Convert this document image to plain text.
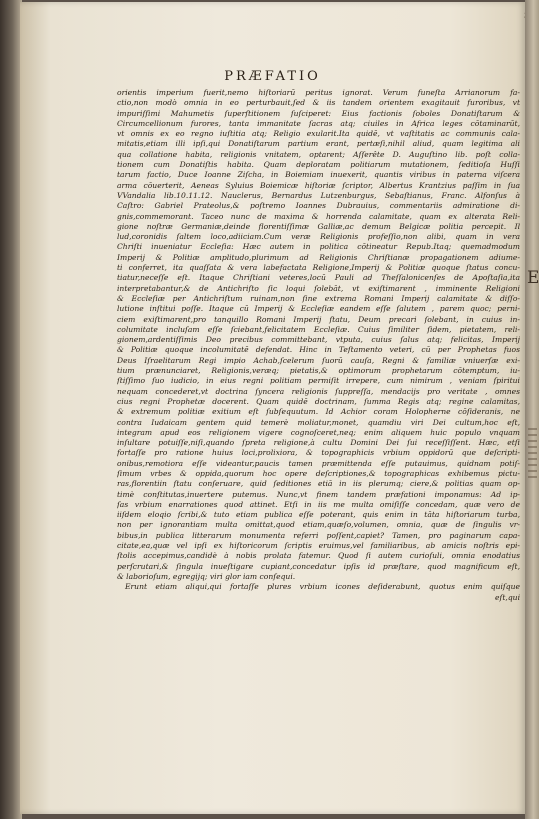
PRÆFATIO
orientis imperium fuerit,nemo hiſtoriarū peritus ignorat. Verum funeſta Arrianorum fa-
ctio,non modò omnia in eo perturbauit,ſed & iis tandem orientem exagitauit furoribus, vt
impuriſſimi Mahumetis ſuperſtitionem ſuſciperet: Eius factionis ſoboles Donatiſtarum &
Circumcellionum furores, tanta immanitate ſacras atq; ciuiles in Africa leges cōtaminarūt,
vt omnis ex eo regno iuſtitia atq; Religio exularit.Ita quidē, vt vaſtitatis ac communis cala-
mitatis,etiam illi ipſi,qui Donatiſtarum partium erant, pertæſi,nihil aliud, quam legitima ali
qua collatione habita, religionis vnitatem, optarent; Aſſerête D. Auguſtino lib. poſt colla-
tionem cum Donatiſtis habita. Quam deploratam politiarum mutationem, ſeditioſa Huſſi
tarum factio, Duce Ioanne Ziſcha, in Boiemiam inuexerit, quantis viribus in paterna viſcera
arma cōuerterit, Aeneas Syluius Boiemicæ hiſtoriæ ſcriptor, Albertus Krantzius paſſim in ſua
VVandalia lib.10.11.12. Nauclerus, Bernardus Lutzenburgus, Sebaſtianus, Franc. Alfonſus à
Caſtro: Gabriel Prateolus,& poſtremo Ioannes Dubrauius, commentariis admiratione di-
gnis,commemorant. Taceo nunc de maxima & horrenda calamitate, quam ex alterata Reli-
gione noſtræ Germaniæ,deinde florentiſſimæ Galliæ,ac demum Belgicæ politia percepit. Il
lud,coronidis ſaltem loco,adiiciam.Cum veræ Religionis profeſſio,non alibi, quam in vera
Chriſti inueniatur Eccleſia: Hæc autem in politica cōtineatur Repub.Itaq; quemadmodum
Imperij & Politiæ amplitudo,plurimum ad Religionis Chriſtianæ propagationem adiume-
ti conferret, ita quaſſata & vera labefactata Religione,Imperij & Politiæ quoque ſtatus concu-
tiatur,neceſſe eſt. Itaque Chriſtiani veteres,locū Pauli ad Theſſalonicenſes de Apoſtaſia,ita
interpretabantur,& de Antichriſto ſic loqui ſolebāt, vt exiſtimarent , imminente Religioni
& Eccleſiæ per Antichriſtum ruinam,non ſine extrema Romani Imperij calamitate & diſſo-
lutione inſtitui poſſe. Itaque cū Imperij & Eccleſiæ eandem eſſe ſalutem , parem quoc; perni-
ciem exiſtimarent,pro tanquillo Romani Imperij ſtatu, Deum precari ſolebant, in cuius in-
columitate incluſam eſſe ſciebant,felicitatem Eccleſiæ. Cuius ſimiliter ſidem, pietatem, reli-
gionem,ardentiſſimis Deo precibus committebant, vtputa, cuius ſalus atq; felicitas, Imperij
& Politiæ quoque incolumitatē defendat. Hinc in Teſtamento veteri, cū per Prophetas fuos
Deus Iſraelitarum Regi impio Achab,ſcelerum ſuorū cauſa, Regni & familiæ vniuerſæ exi-
tium prænunciaret, Religionis,veræq; pietatis,& optimorum prophetarum cōtemptum, iu-
ſtiſſimo ſuo iudicio, in eius regni politiam permiſit irrepere, cum nimirum , veniam ſpiritui
nequam concederet,vt doctrina ſyncera religionis ſuppreſſa, mendacijs pro veritate , omnes
cius regni Prophetæ docerent. Quam quidē doctrinam, ſumma Regis atq; regine calamitas,
& extremum politiæ exitium eſt ſubſequutum. Id Achior coram Holopherne cōſideranis, ne
contra Iudaicam gentem quid temerè moliatur,monet, quamdiu viri Dei cultum,hoc eſt,
integram apud eos religionem vigere cognoſceret,neq; enim aliquem huic populo vnquam
inſultare potuiſſe,niſi,quando ſpreta religione,à cultu Domini Dei ſui receſſiſſent. Hæc, etſi
fortaſſe pro ratione huius loci,prolixiora, & topographicis vrbium oppidorū que deſcripti-
onibus,remotiora eſſe videantur,paucis tamen præmittenda eſſe putauimus, quidnam potiſ-
ſimum vrbes & oppida,quorum hoc opere deſcriptiones,& topographicas exhibemus pictu-
ras,florentiin ſtatu conſeruare, quid ſeditiones etiā in iis plerumq; ciere,& politias quam op-
timè conſtitutas,inuertere putemus. Nunc,vt finem tandem præfationi imponamus: Ad ip-
ſas vrbium enarrationes quod attinet. Etſi in iis me multa omiſiſſe concedam, quæ vero de
iiſdem eloqio ſcribi,& tuto etiam publica eſſe poterant, quis enim in tāta hiſtoriarum turba,
non per ignorantiam multa omittat,quod etiam,quæſo,volumen, omnia, quæ de ſingulis vr-
bibus,in publica litterarum monumenta referri poſſent,capiet? Tamen, pro paginarum capa-
citate,ea,quæ vel ipſi ex hiſtoricorum ſcriptis eruimus,vel familiaribus, ab amicis noſtris epi-
ſtolis accepimus,candidè à nobis prolata fatemur. Quod ſi autem curioſuli, omnia enodatius
perſcrutari,& ſingula inueſtigare cupiant,concedatur ipſis id præſtare, quod magnificum eſt,
& laborioſum, egregijq; viri glor iam conſequi.
Erunt etiam aliqui,qui fortaſſe plures vrbium icones deſiderabunt, quotus enim quiſque
eſt,qui
E
